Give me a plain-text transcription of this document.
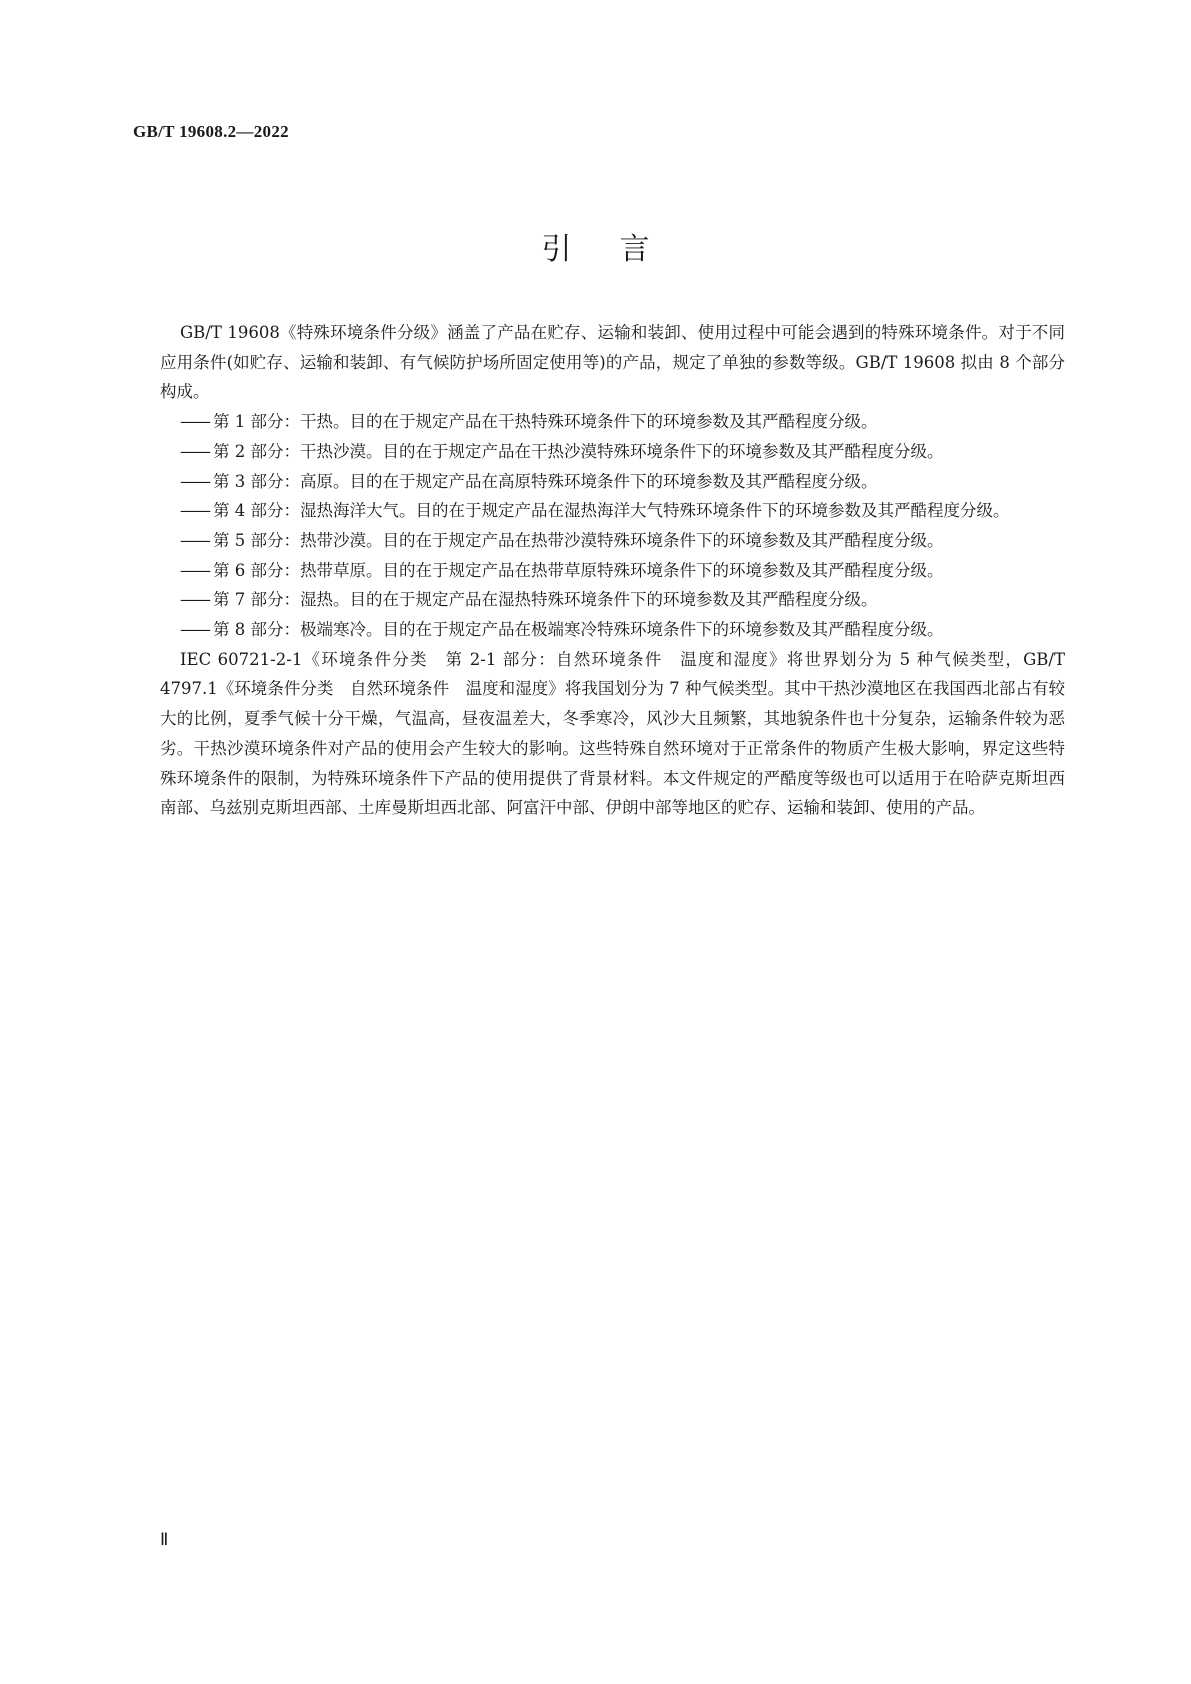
GB/T 19608.2—2022
引言

GB/T 19608《特殊环境条件分级》涵盖了产品在贮存、运输和装卸、使用过程中可能会遇到的特殊环境条件。对于不同应用条件(如贮存、运输和装卸、有气候防护场所固定使用等)的产品，规定了单独的参数等级。GB/T 19608 拟由 8 个部分构成。

—— 第 1 部分：干热。目的在于规定产品在干热特殊环境条件下的环境参数及其严酷程度分级。
—— 第 2 部分：干热沙漠。目的在于规定产品在干热沙漠特殊环境条件下的环境参数及其严酷程度分级。
—— 第 3 部分：高原。目的在于规定产品在高原特殊环境条件下的环境参数及其严酷程度分级。
—— 第 4 部分：湿热海洋大气。目的在于规定产品在湿热海洋大气特殊环境条件下的环境参数及其严酷程度分级。
—— 第 5 部分：热带沙漠。目的在于规定产品在热带沙漠特殊环境条件下的环境参数及其严酷程度分级。
—— 第 6 部分：热带草原。目的在于规定产品在热带草原特殊环境条件下的环境参数及其严酷程度分级。
—— 第 7 部分：湿热。目的在于规定产品在湿热特殊环境条件下的环境参数及其严酷程度分级。
—— 第 8 部分：极端寒冷。目的在于规定产品在极端寒冷特殊环境条件下的环境参数及其严酷程度分级。

IEC 60721-2-1《环境条件分类　第 2-1 部分：自然环境条件　温度和湿度》将世界划分为 5 种气候类型，GB/T 4797.1《环境条件分类　自然环境条件　温度和湿度》将我国划分为 7 种气候类型。其中干热沙漠地区在我国西北部占有较大的比例，夏季气候十分干燥，气温高，昼夜温差大，冬季寒冷，风沙大且频繁，其地貌条件也十分复杂，运输条件较为恶劣。干热沙漠环境条件对产品的使用会产生较大的影响。这些特殊自然环境对于正常条件的物质产生极大影响，界定这些特殊环境条件的限制，为特殊环境条件下产品的使用提供了背景材料。本文件规定的严酷度等级也可以适用于在哈萨克斯坦西南部、乌兹别克斯坦西部、土库曼斯坦西北部、阿富汗中部、伊朗中部等地区的贮存、运输和装卸、使用的产品。

Ⅱ
